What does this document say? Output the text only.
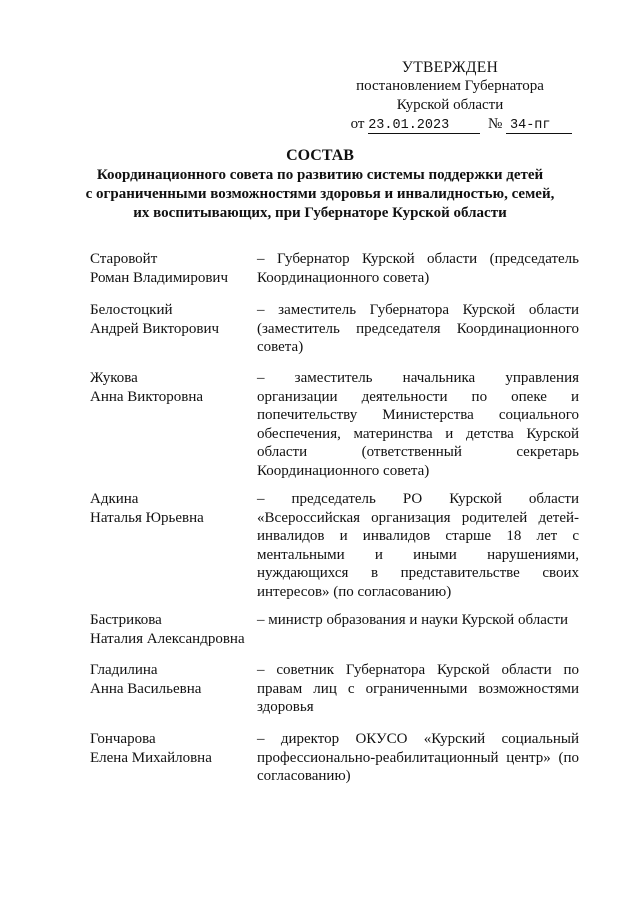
УТВЕРЖДЕН
постановлением Губернатора
Курской области
от 23.01.2023	№ 34-пг
СОСТАВ
Координационного совета по развитию системы поддержки детей
с ограниченными возможностями здоровья и инвалидностью, семей,
их воспитывающих, при Губернаторе Курской области
Старовойт
Роман Владимирович
– Губернатор Курской области (председатель Координационного совета)
Белостоцкий
Андрей Викторович
– заместитель Губернатора Курской области (заместитель председателя Координационного совета)
Жукова
Анна Викторовна
– заместитель начальника управления организации деятельности по опеке и попечительству Министерства социального обеспечения, материнства и детства Курской области (ответственный секретарь Координационного совета)
Адкина
Наталья Юрьевна
– председатель РО Курской области «Всероссийская организация родителей детей-инвалидов и инвалидов старше 18 лет с ментальными и иными нарушениями, нуждающихся в представительстве своих интересов» (по согласованию)
Бастрикова
Наталия Александровна
– министр образования и науки Курской области
Гладилина
Анна Васильевна
– советник Губернатора Курской области по правам лиц с ограниченными возможностями здоровья
Гончарова
Елена Михайловна
– директор ОКУСО «Курский социальный профессионально-реабилитационный центр» (по согласованию)
